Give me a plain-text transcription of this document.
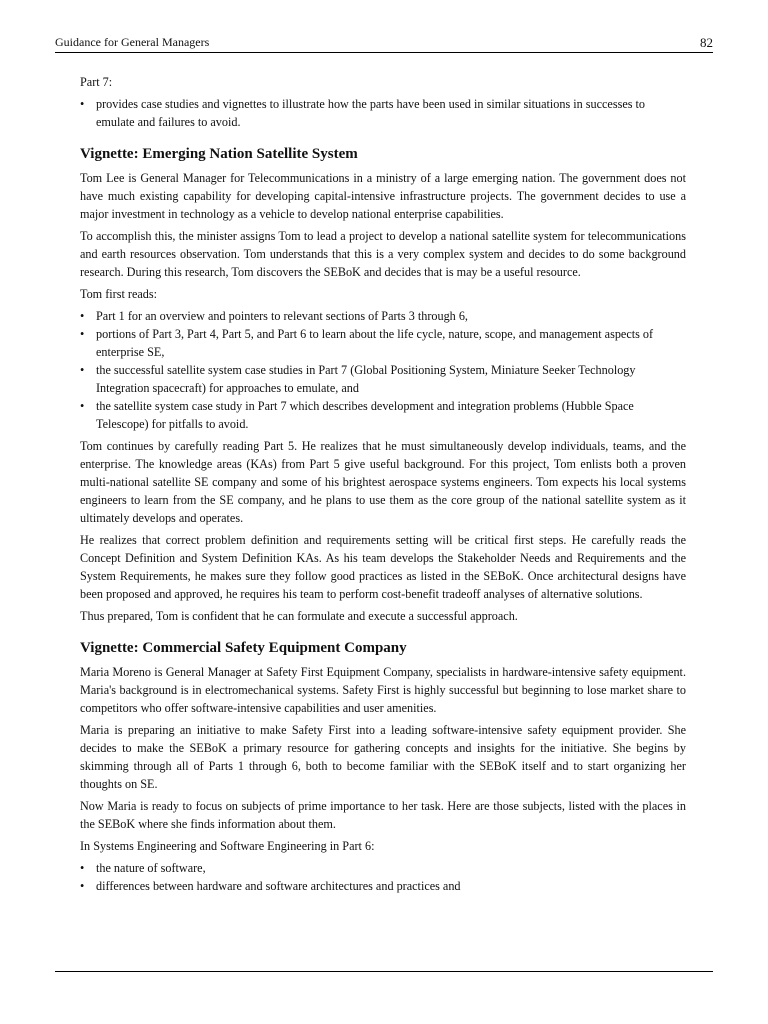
Guidance for General Managers	82

Part 7:

• provides case studies and vignettes to illustrate how the parts have been used in similar situations in successes to emulate and failures to avoid.
Vignette: Emerging Nation Satellite System

Tom Lee is General Manager for Telecommunications in a ministry of a large emerging nation. The government does not have much existing capability for developing capital-intensive infrastructure projects. The government decides to use a major investment in technology as a vehicle to develop national enterprise capabilities.

To accomplish this, the minister assigns Tom to lead a project to develop a national satellite system for telecommunications and earth resources observation. Tom understands that this is a very complex system and decides to do some background research. During this research, Tom discovers the SEBoK and decides that is may be a useful resource.

Tom first reads:

• Part 1 for an overview and pointers to relevant sections of Parts 3 through 6,
• portions of Part 3, Part 4, Part 5, and Part 6 to learn about the life cycle, nature, scope, and management aspects of enterprise SE,
• the successful satellite system case studies in Part 7 (Global Positioning System, Miniature Seeker Technology Integration spacecraft) for approaches to emulate, and
• the satellite system case study in Part 7 which describes development and integration problems (Hubble Space Telescope) for pitfalls to avoid.

Tom continues by carefully reading Part 5. He realizes that he must simultaneously develop individuals, teams, and the enterprise. The knowledge areas (KAs) from Part 5 give useful background. For this project, Tom enlists both a proven multi-national satellite SE company and some of his brightest aerospace systems engineers. Tom expects his local systems engineers to learn from the SE company, and he plans to use them as the core group of the national satellite system as it ultimately develops and operates.

He realizes that correct problem definition and requirements setting will be critical first steps. He carefully reads the Concept Definition and System Definition KAs. As his team develops the Stakeholder Needs and Requirements and the System Requirements, he makes sure they follow good practices as listed in the SEBoK. Once architectural designs have been proposed and approved, he requires his team to perform cost-benefit tradeoff analyses of alternative solutions.

Thus prepared, Tom is confident that he can formulate and execute a successful approach.

Vignette: Commercial Safety Equipment Company

Maria Moreno is General Manager at Safety First Equipment Company, specialists in hardware-intensive safety equipment. Maria's background is in electromechanical systems. Safety First is highly successful but beginning to lose market share to competitors who offer software-intensive capabilities and user amenities.

Maria is preparing an initiative to make Safety First into a leading software-intensive safety equipment provider. She decides to make the SEBoK a primary resource for gathering concepts and insights for the initiative. She begins by skimming through all of Parts 1 through 6, both to become familiar with the SEBoK itself and to start organizing her thoughts on SE.

Now Maria is ready to focus on subjects of prime importance to her task. Here are those subjects, listed with the places in the SEBoK where she finds information about them.

In Systems Engineering and Software Engineering in Part 6:

• the nature of software,
• differences between hardware and software architectures and practices and
